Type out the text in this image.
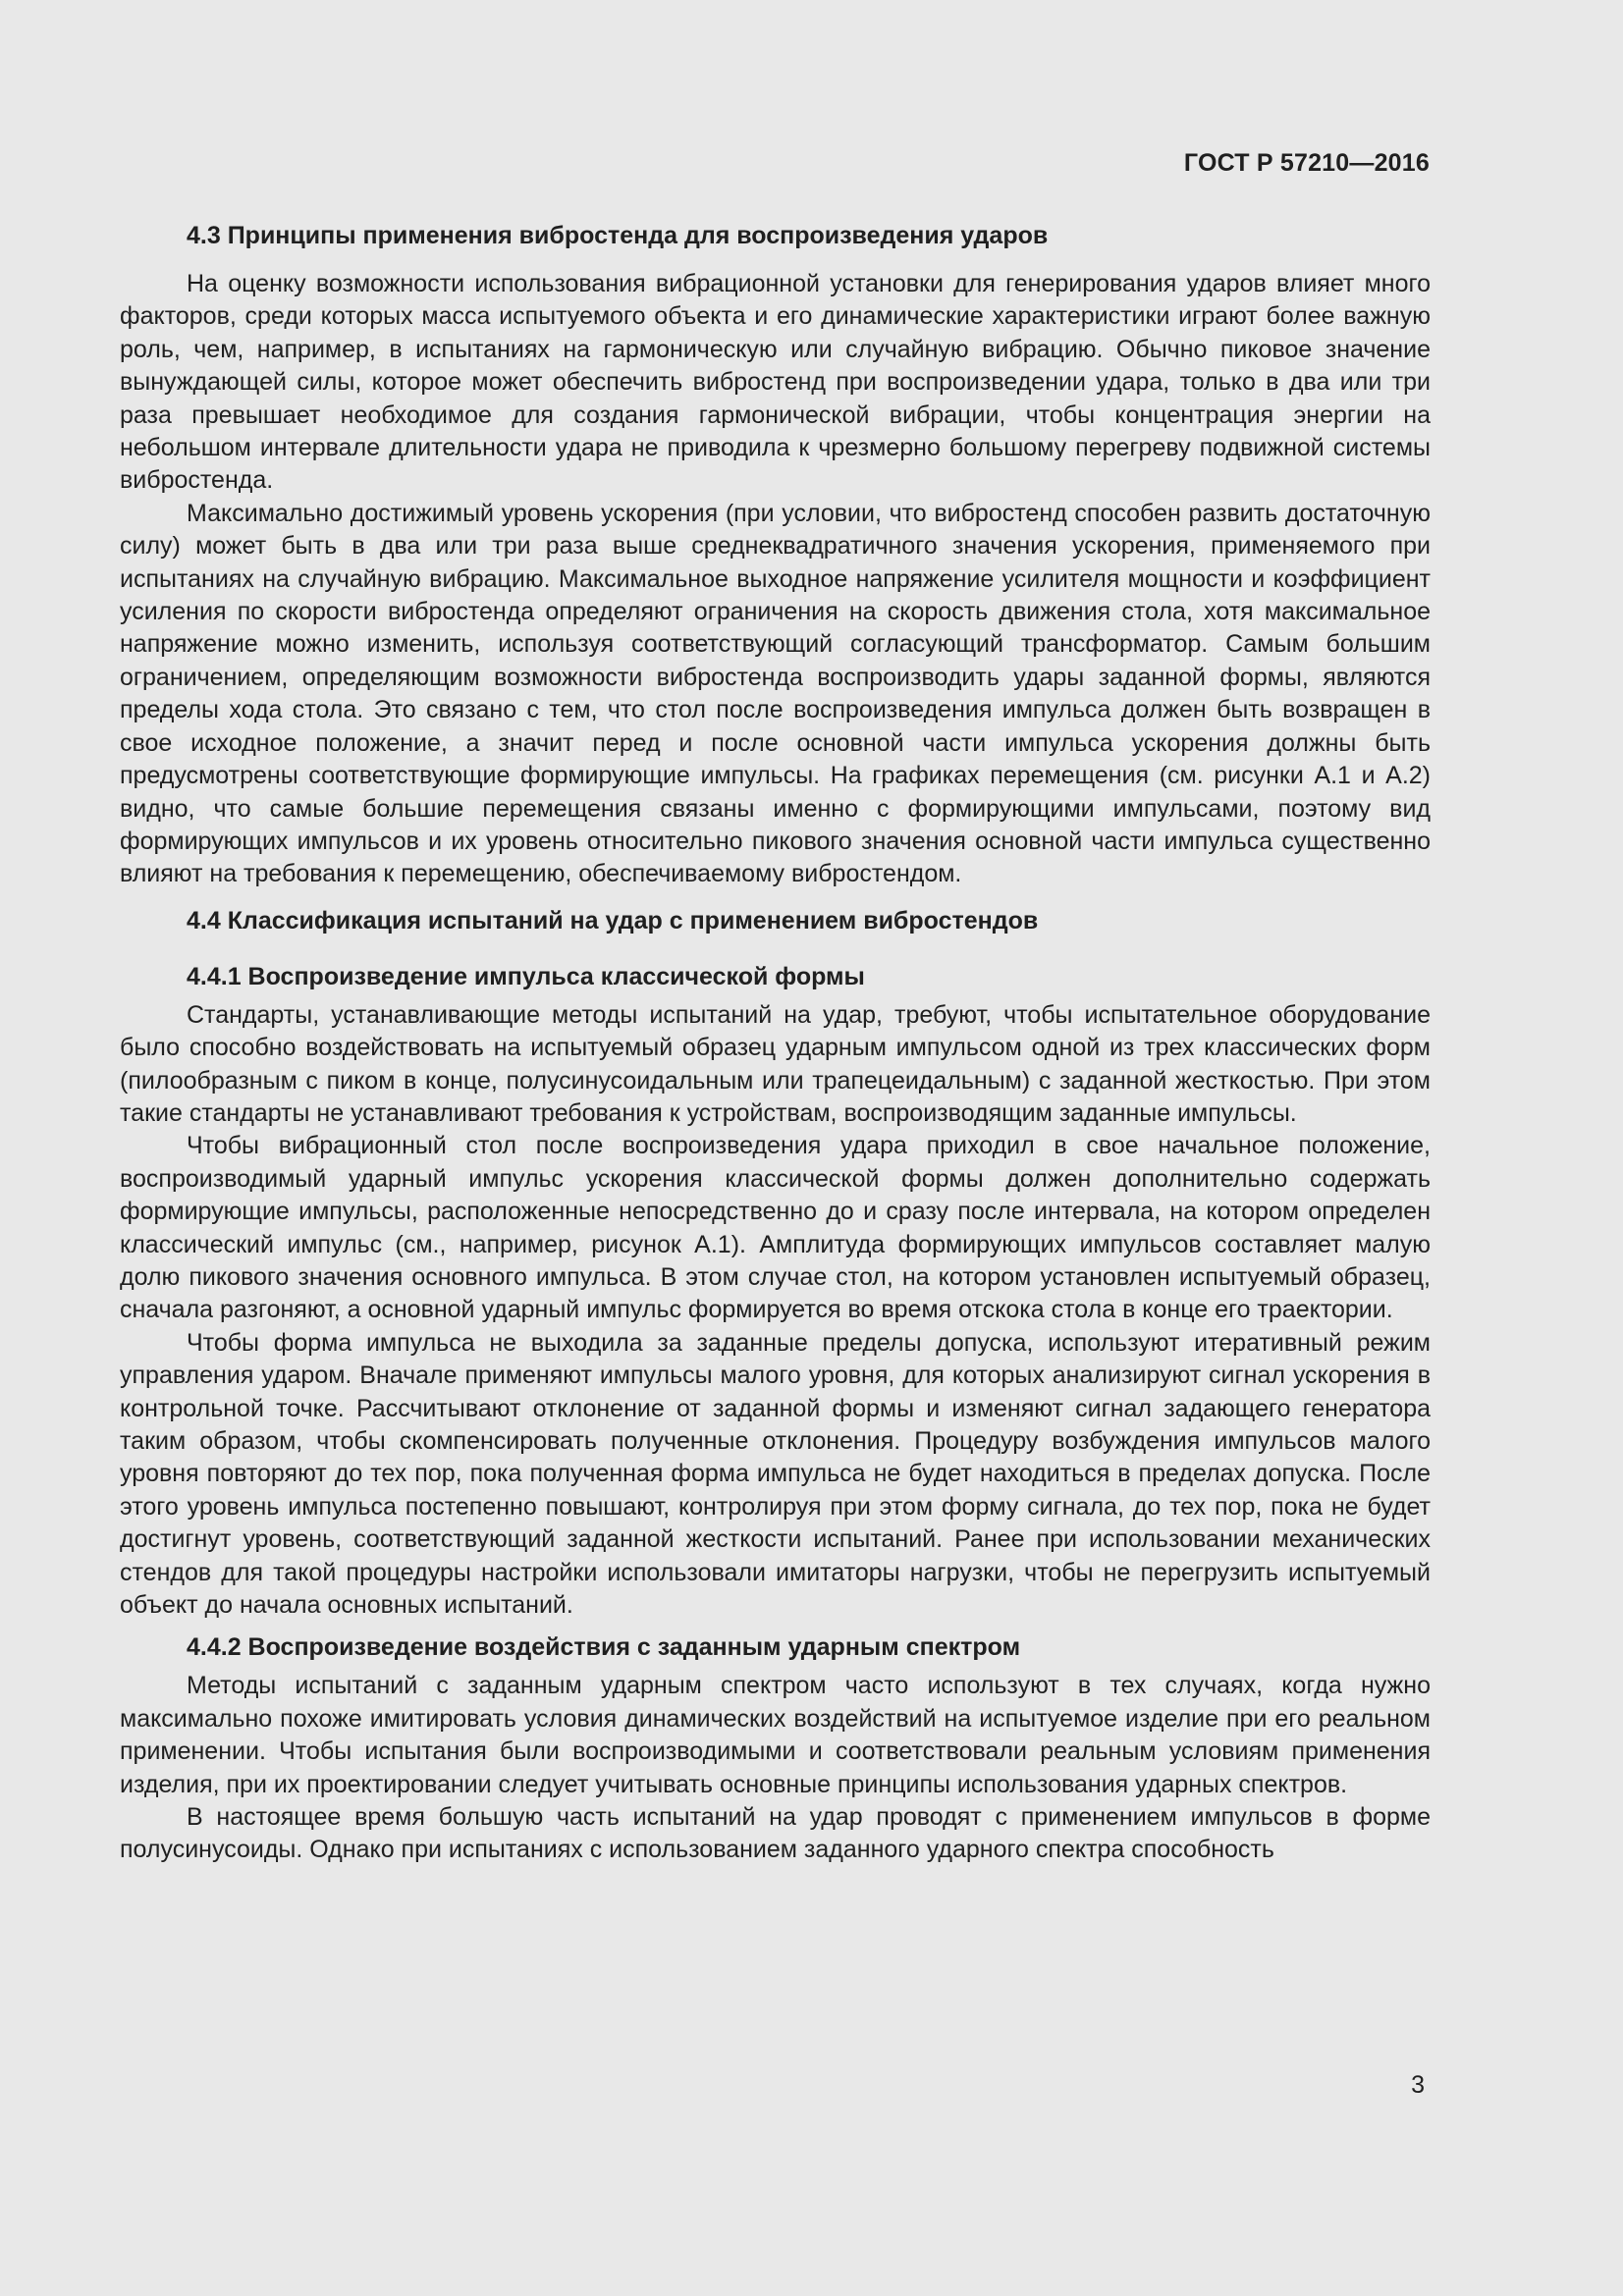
ГОСТ Р 57210—2016
4.3 Принципы применения вибростенда для воспроизведения ударов

На оценку возможности использования вибрационной установки для генерирования ударов влияет много факторов, среди которых масса испытуемого объекта и его динамические характеристики играют более важную роль, чем, например, в испытаниях на гармоническую или случайную вибрацию. Обычно пиковое значение вынуждающей силы, которое может обеспечить вибростенд при воспроизведении удара, только в два или три раза превышает необходимое для создания гармонической вибрации, чтобы концентрация энергии на небольшом интервале длительности удара не приводила к чрезмерно большому перегреву подвижной системы вибростенда.

Максимально достижимый уровень ускорения (при условии, что вибростенд способен развить достаточную силу) может быть в два или три раза выше среднеквадратичного значения ускорения, применяемого при испытаниях на случайную вибрацию. Максимальное выходное напряжение усилителя мощности и коэффициент усиления по скорости вибростенда определяют ограничения на скорость движения стола, хотя максимальное напряжение можно изменить, используя соответствующий согласующий трансформатор. Самым большим ограничением, определяющим возможности вибростенда воспроизводить удары заданной формы, являются пределы хода стола. Это связано с тем, что стол после воспроизведения импульса должен быть возвращен в свое исходное положение, а значит перед и после основной части импульса ускорения должны быть предусмотрены соответствующие формирующие импульсы. На графиках перемещения (см. рисунки А.1 и А.2) видно, что самые большие перемещения связаны именно с формирующими импульсами, поэтому вид формирующих импульсов и их уровень относительно пикового значения основной части импульса существенно влияют на требования к перемещению, обеспечиваемому вибростендом.

4.4 Классификация испытаний на удар с применением вибростендов
4.4.1 Воспроизведение импульса классической формы

Стандарты, устанавливающие методы испытаний на удар, требуют, чтобы испытательное оборудование было способно воздействовать на испытуемый образец ударным импульсом одной из трех классических форм (пилообразным с пиком в конце, полусинусоидальным или трапецеидальным) с заданной жесткостью. При этом такие стандарты не устанавливают требования к устройствам, воспроизводящим заданные импульсы.

Чтобы вибрационный стол после воспроизведения удара приходил в свое начальное положение, воспроизводимый ударный импульс ускорения классической формы должен дополнительно содержать формирующие импульсы, расположенные непосредственно до и сразу после интервала, на котором определен классический импульс (см., например, рисунок А.1). Амплитуда формирующих импульсов составляет малую долю пикового значения основного импульса. В этом случае стол, на котором установлен испытуемый образец, сначала разгоняют, а основной ударный импульс формируется во время отскока стола в конце его траектории.

Чтобы форма импульса не выходила за заданные пределы допуска, используют итеративный режим управления ударом. Вначале применяют импульсы малого уровня, для которых анализируют сигнал ускорения в контрольной точке. Рассчитывают отклонение от заданной формы и изменяют сигнал задающего генератора таким образом, чтобы скомпенсировать полученные отклонения. Процедуру возбуждения импульсов малого уровня повторяют до тех пор, пока полученная форма импульса не будет находиться в пределах допуска. После этого уровень импульса постепенно повышают, контролируя при этом форму сигнала, до тех пор, пока не будет достигнут уровень, соответствующий заданной жесткости испытаний. Ранее при использовании механических стендов для такой процедуры настройки использовали имитаторы нагрузки, чтобы не перегрузить испытуемый объект до начала основных испытаний.

4.4.2 Воспроизведение воздействия с заданным ударным спектром

Методы испытаний с заданным ударным спектром часто используют в тех случаях, когда нужно максимально похоже имитировать условия динамических воздействий на испытуемое изделие при его реальном применении. Чтобы испытания были воспроизводимыми и соответствовали реальным условиям применения изделия, при их проектировании следует учитывать основные принципы использования ударных спектров.

В настоящее время большую часть испытаний на удар проводят с применением импульсов в форме полусинусоиды. Однако при испытаниях с использованием заданного ударного спектра способность

3
